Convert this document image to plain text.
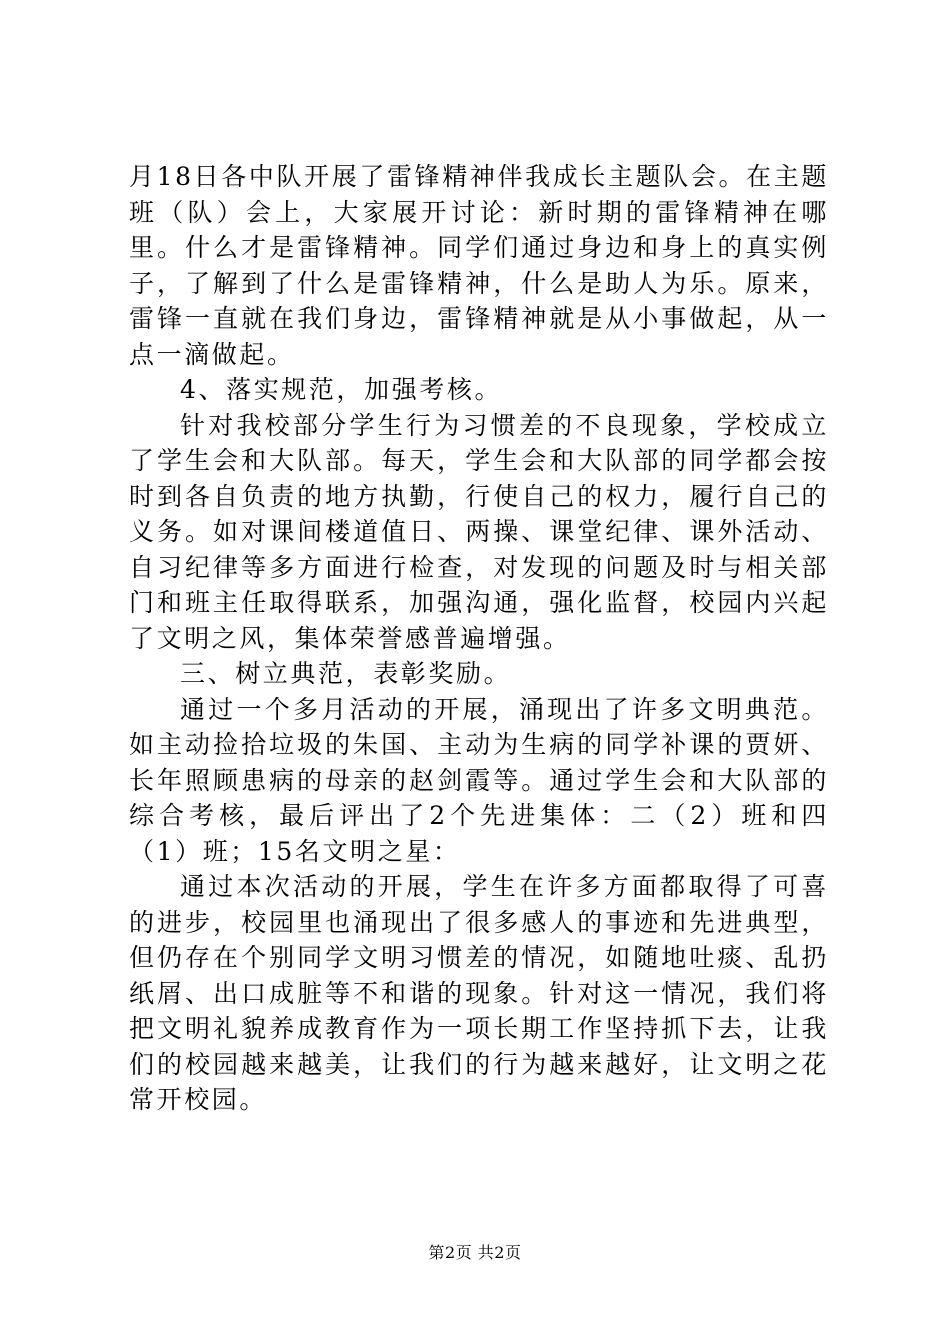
月18日各中队开展了雷锋精神伴我成长主题队会。在主题班（队）会上，大家展开讨论：新时期的雷锋精神在哪里。什么才是雷锋精神。同学们通过身边和身上的真实例子，了解到了什么是雷锋精神，什么是助人为乐。原来，雷锋一直就在我们身边，雷锋精神就是从小事做起，从一点一滴做起。

4、落实规范，加强考核。

针对我校部分学生行为习惯差的不良现象，学校成立了学生会和大队部。每天，学生会和大队部的同学都会按时到各自负责的地方执勤，行使自己的权力，履行自己的义务。如对课间楼道值日、两操、课堂纪律、课外活动、自习纪律等多方面进行检查，对发现的问题及时与相关部门和班主任取得联系，加强沟通，强化监督，校园内兴起了文明之风，集体荣誉感普遍增强。

三、树立典范，表彰奖励。

通过一个多月活动的开展，涌现出了许多文明典范。如主动捡拾垃圾的朱国、主动为生病的同学补课的贾妍、长年照顾患病的母亲的赵剑霞等。通过学生会和大队部的综合考核，最后评出了2个先进集体：二（2）班和四（1）班；15名文明之星：

通过本次活动的开展，学生在许多方面都取得了可喜的进步，校园里也涌现出了很多感人的事迹和先进典型，但仍存在个别同学文明习惯差的情况，如随地吐痰、乱扔纸屑、出口成脏等不和谐的现象。针对这一情况，我们将把文明礼貌养成教育作为一项长期工作坚持抓下去，让我们的校园越来越美，让我们的行为越来越好，让文明之花常开校园。

第2页 共2页
